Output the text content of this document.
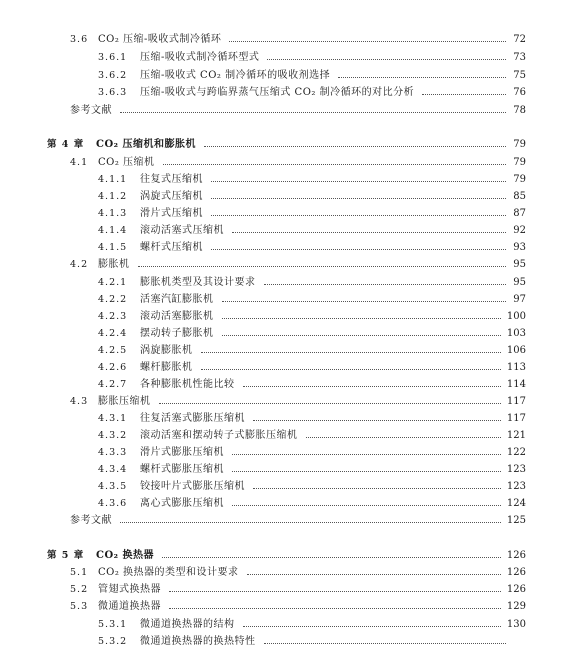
3.6 CO₂ 压缩-吸收式制冷循环	72
3.6.1 压缩-吸收式制冷循环型式	73
3.6.2 压缩-吸收式 CO₂ 制冷循环的吸收剂选择	75
3.6.3 压缩-吸收式与跨临界蒸气压缩式 CO₂ 制冷循环的对比分析	76
参考文献	78
第 4 章 CO₂ 压缩机和膨胀机	79
4.1 CO₂ 压缩机	79
4.1.1 往复式压缩机	79
4.1.2 涡旋式压缩机	85
4.1.3 滑片式压缩机	87
4.1.4 滚动活塞式压缩机	92
4.1.5 螺杆式压缩机	93
4.2 膨胀机	95
4.2.1 膨胀机类型及其设计要求	95
4.2.2 活塞汽缸膨胀机	97
4.2.3 滚动活塞膨胀机	100
4.2.4 摆动转子膨胀机	103
4.2.5 涡旋膨胀机	106
4.2.6 螺杆膨胀机	113
4.2.7 各种膨胀机性能比较	114
4.3 膨胀压缩机	117
4.3.1 往复活塞式膨胀压缩机	117
4.3.2 滚动活塞和摆动转子式膨胀压缩机	121
4.3.3 滑片式膨胀压缩机	122
4.3.4 螺杆式膨胀压缩机	123
4.3.5 铰接叶片式膨胀压缩机	123
4.3.6 离心式膨胀压缩机	124
参考文献	125
第 5 章 CO₂ 换热器	126
5.1 CO₂ 换热器的类型和设计要求	126
5.2 管翅式换热器	126
5.3 微通道换热器	129
5.3.1 微通道换热器的结构	130
5.3.2 微通道换热器的换热特性
